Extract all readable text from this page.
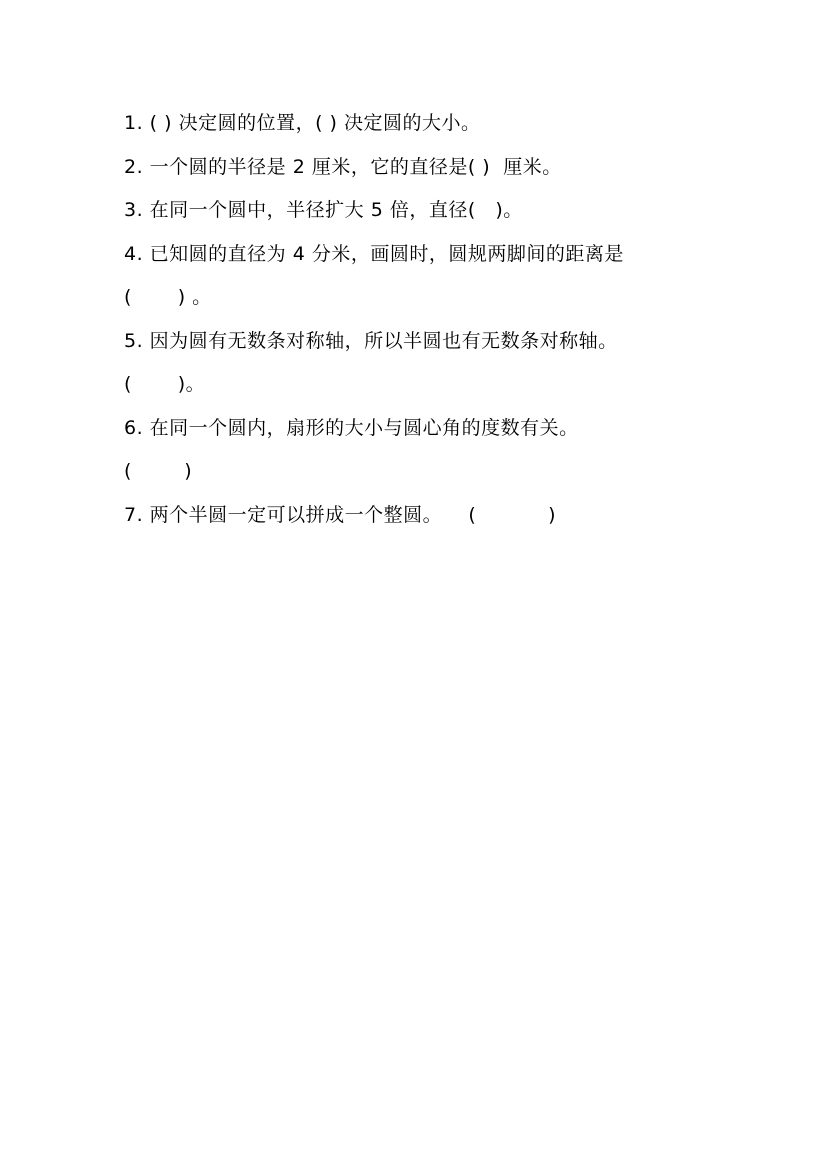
1. ( ) 决定圆的位置，( ) 决定圆的大小。
2. 一个圆的半径是 2 厘米，它的直径是( )  厘米。
3. 在同一个圆中，半径扩大 5 倍，直径(   )。
4. 已知圆的直径为 4 分米，画圆时，圆规两脚间的距离是
(       ) 。
5. 因为圆有无数条对称轴，所以半圆也有无数条对称轴。
(       )。
6. 在同一个圆内，扇形的大小与圆心角的度数有关。
(        )
7. 两个半圆一定可以拼成一个整圆。    (           )
